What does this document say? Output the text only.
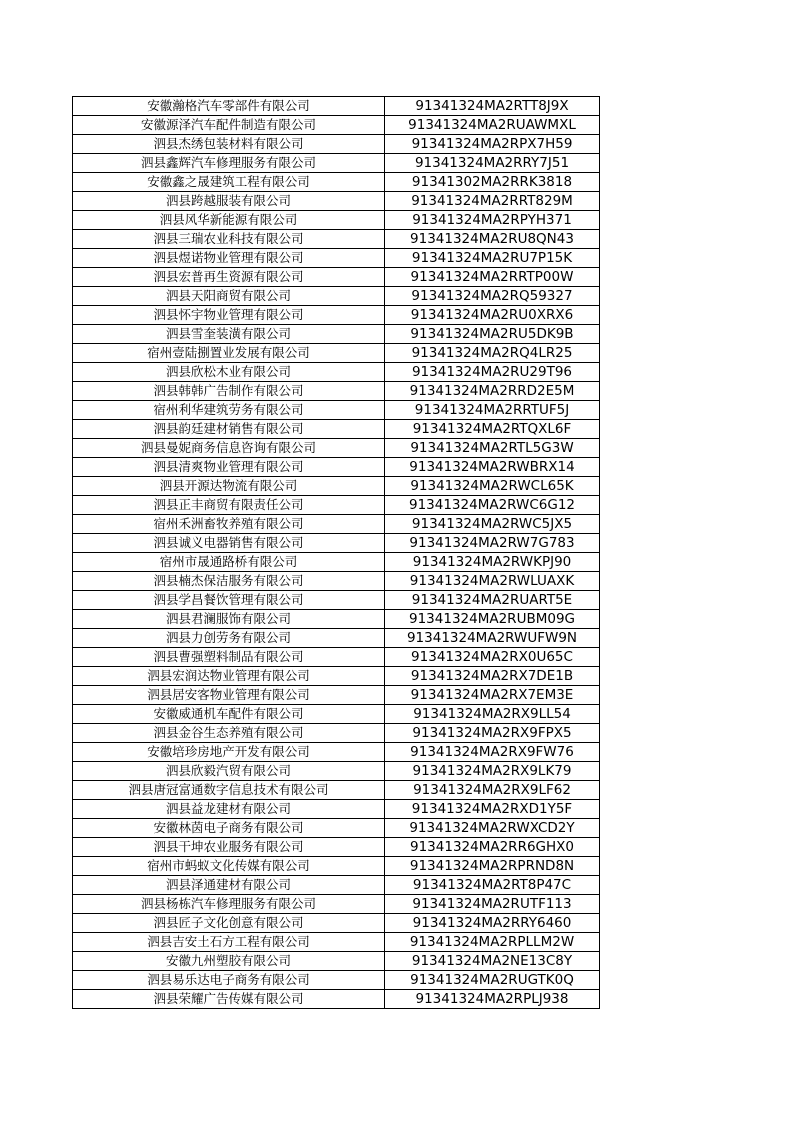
安徽瀚格汽车零部件有限公司	91341324MA2RTT8J9X
安徽源泽汽车配件制造有限公司	91341324MA2RUAWMXL
泗县杰绣包装材料有限公司	91341324MA2RPX7H59
泗县鑫辉汽车修理服务有限公司	91341324MA2RRY7J51
安徽鑫之晟建筑工程有限公司	91341302MA2RRK3818
泗县跨越服装有限公司	91341324MA2RRT829M
泗县风华新能源有限公司	91341324MA2RPYH371
泗县三瑞农业科技有限公司	91341324MA2RU8QN43
泗县煜诺物业管理有限公司	91341324MA2RU7P15K
泗县宏普再生资源有限公司	91341324MA2RRTP00W
泗县天阳商贸有限公司	91341324MA2RQ59327
泗县怀宇物业管理有限公司	91341324MA2RU0XRX6
泗县雪奎装潢有限公司	91341324MA2RU5DK9B
宿州壹陆捌置业发展有限公司	91341324MA2RQ4LR25
泗县欣松木业有限公司	91341324MA2RU29T96
泗县韩韩广告制作有限公司	91341324MA2RRD2E5M
宿州利华建筑劳务有限公司	91341324MA2RRTUF5J
泗县韵廷建材销售有限公司	91341324MA2RTQXL6F
泗县曼妮商务信息咨询有限公司	91341324MA2RTL5G3W
泗县清爽物业管理有限公司	91341324MA2RWBRX14
泗县开源达物流有限公司	91341324MA2RWCL65K
泗县正丰商贸有限责任公司	91341324MA2RWC6G12
宿州禾洲畜牧养殖有限公司	91341324MA2RWC5JX5
泗县诚义电器销售有限公司	91341324MA2RW7G783
宿州市晟通路桥有限公司	91341324MA2RWKPJ90
泗县楠杰保洁服务有限公司	91341324MA2RWLUAXK
泗县学昌餐饮管理有限公司	91341324MA2RUART5E
泗县君澜服饰有限公司	91341324MA2RUBM09G
泗县力创劳务有限公司	91341324MA2RWUFW9N
泗县曹强塑料制品有限公司	91341324MA2RX0U65C
泗县宏润达物业管理有限公司	91341324MA2RX7DE1B
泗县居安客物业管理有限公司	91341324MA2RX7EM3E
安徽威通机车配件有限公司	91341324MA2RX9LL54
泗县金谷生态养殖有限公司	91341324MA2RX9FPX5
安徽培珍房地产开发有限公司	91341324MA2RX9FW76
泗县欣毅汽贸有限公司	91341324MA2RX9LK79
泗县唐冠富通数字信息技术有限公司	91341324MA2RX9LF62
泗县益龙建材有限公司	91341324MA2RXD1Y5F
安徽林茵电子商务有限公司	91341324MA2RWXCD2Y
泗县干坤农业服务有限公司	91341324MA2RR6GHX0
宿州市蚂蚁文化传媒有限公司	91341324MA2RPRND8N
泗县泽通建材有限公司	91341324MA2RT8P47C
泗县杨栋汽车修理服务有限公司	91341324MA2RUTF113
泗县匠子文化创意有限公司	91341324MA2RRY6460
泗县吉安土石方工程有限公司	91341324MA2RPLLM2W
安徽九州塑胶有限公司	91341324MA2NE13C8Y
泗县易乐达电子商务有限公司	91341324MA2RUGTK0Q
泗县荣耀广告传媒有限公司	91341324MA2RPLJ938
